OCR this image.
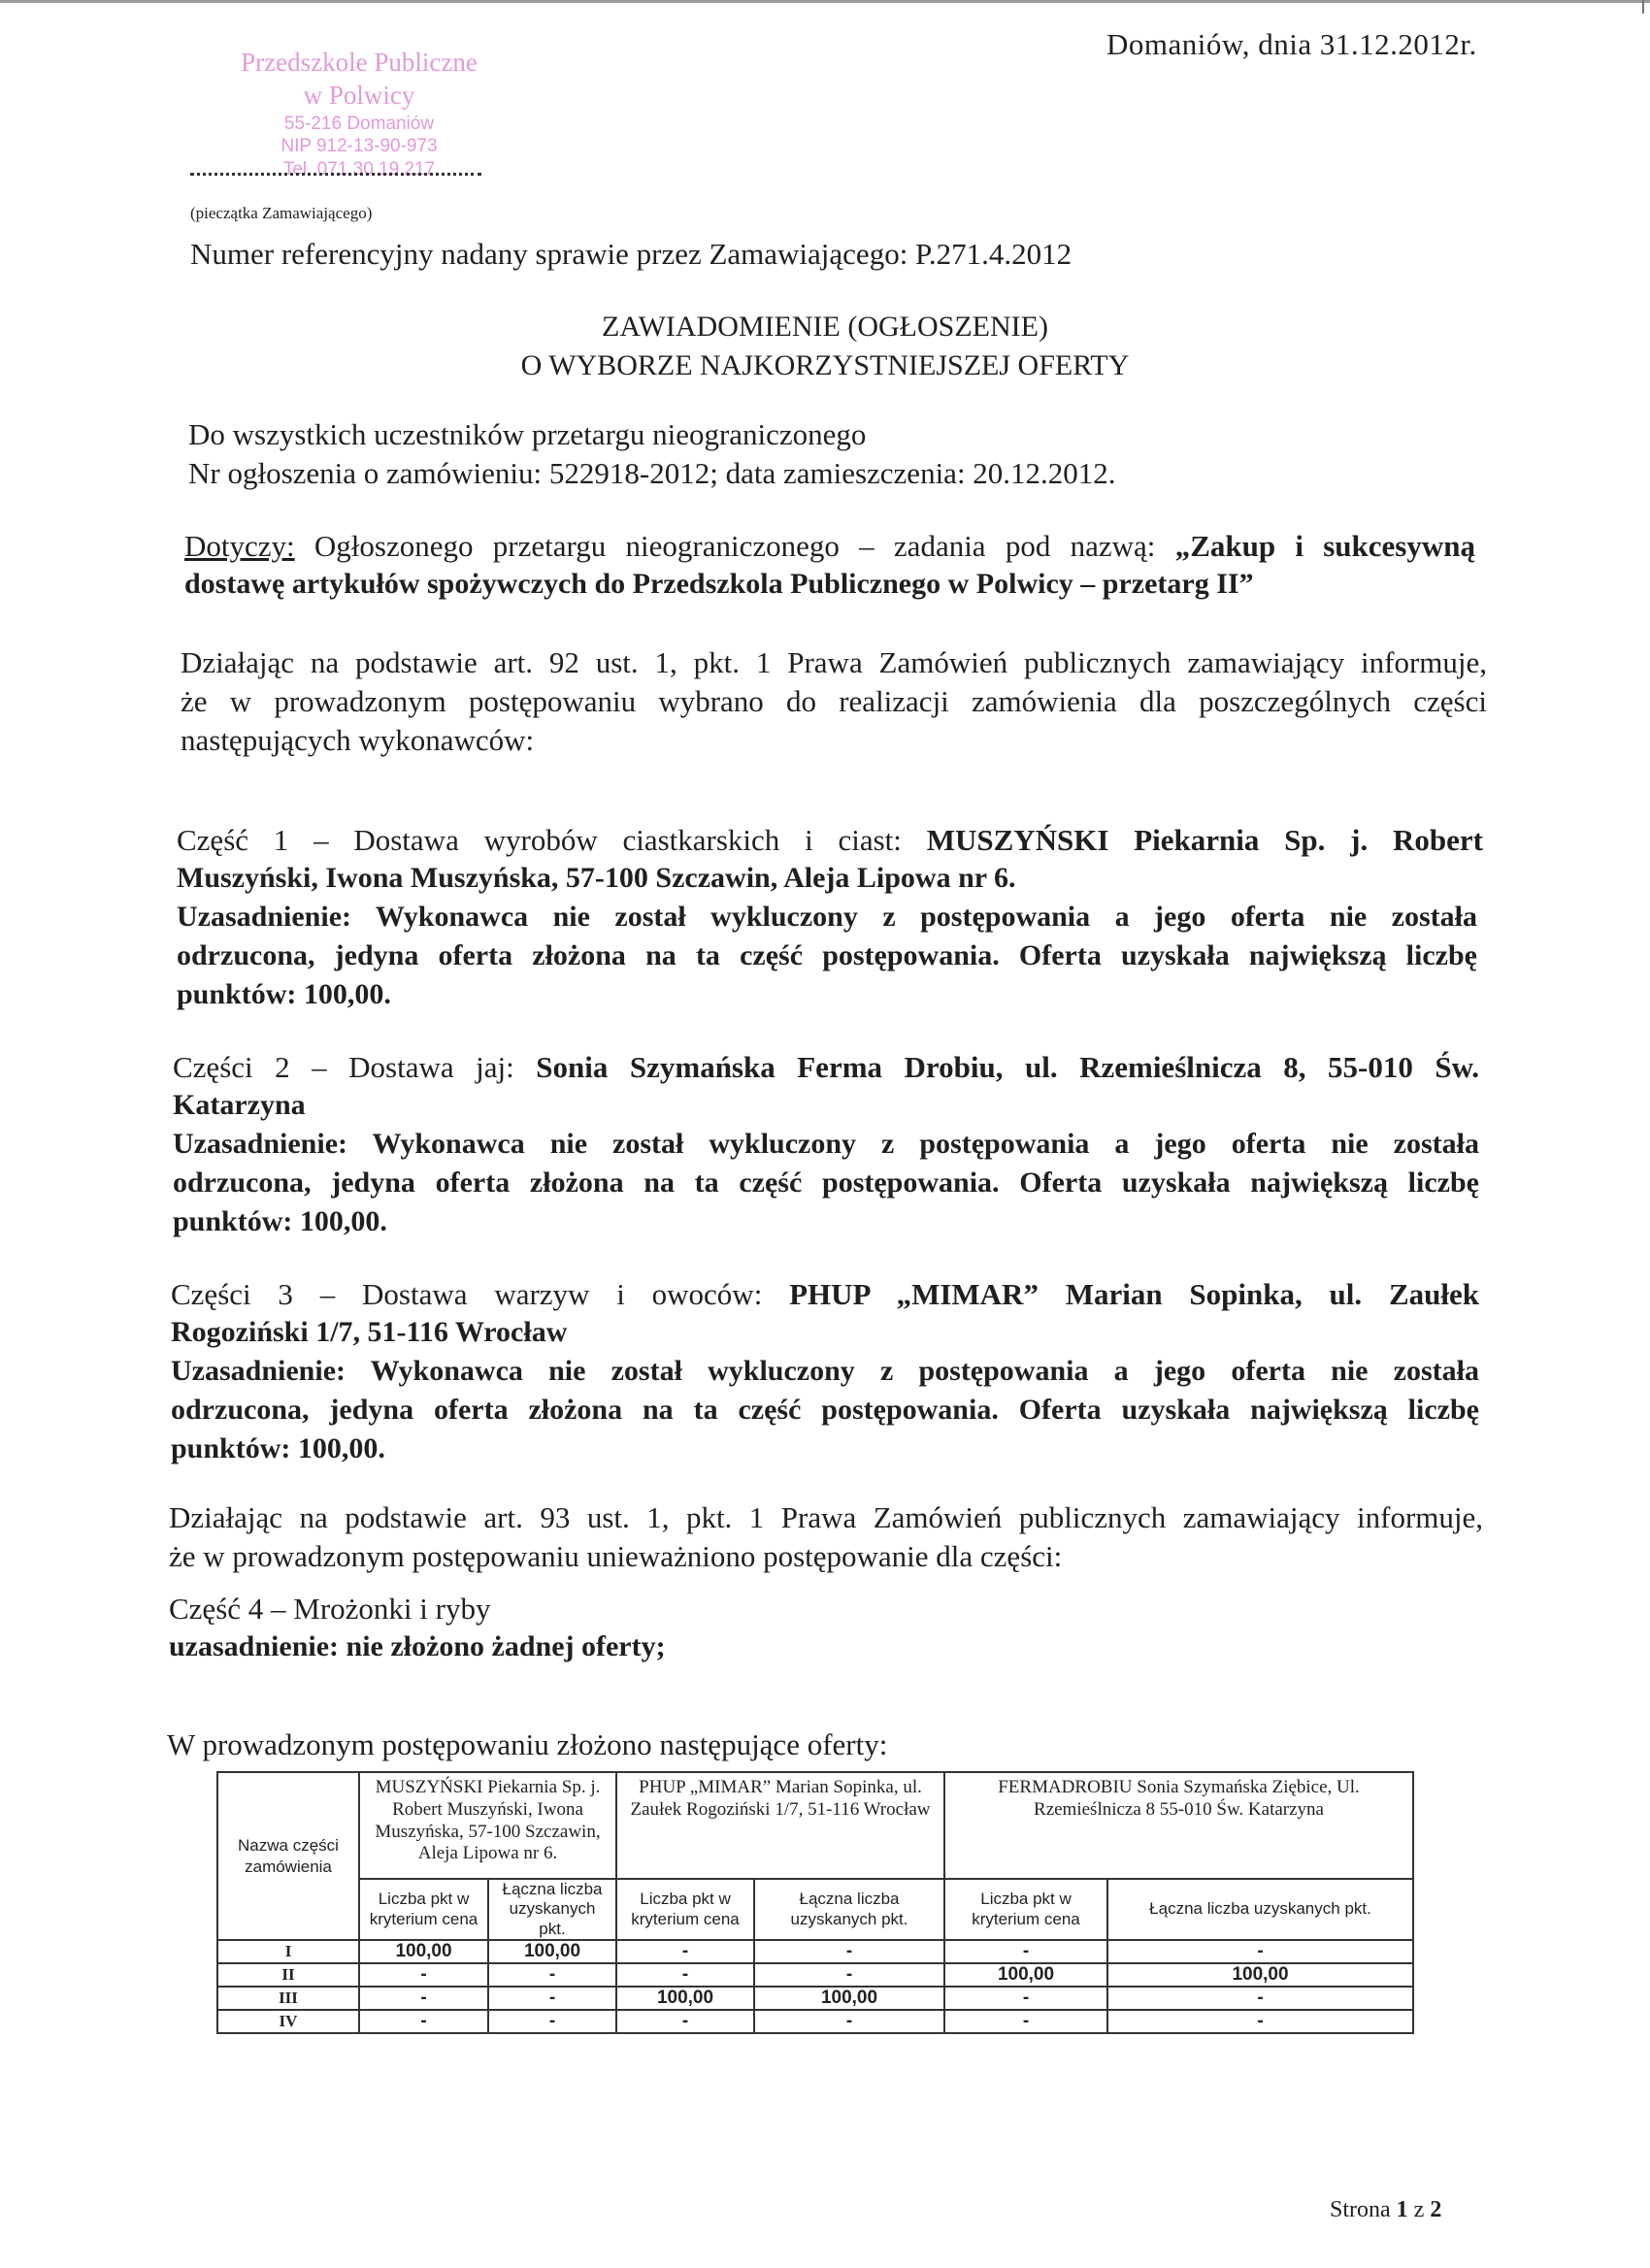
Przedszkole Publiczne
w Polwicy
55-216 Domaniów
NIP 912-13-90-973
Tel. 071 30 19 217
(pieczątka Zamawiającego)
Domaniów, dnia 31.12.2012r.
Numer referencyjny nadany sprawie przez Zamawiającego: P.271.4.2012
ZAWIADOMIENIE (OGŁOSZENIE)
O WYBORZE NAJKORZYSTNIEJSZEJ OFERTY
Do wszystkich uczestników przetargu nieograniczonego
Nr ogłoszenia o zamówieniu: 522918-2012; data zamieszczenia: 20.12.2012.
Dotyczy: Ogłoszonego przetargu nieograniczonego – zadania pod nazwą: „Zakup i sukcesywną
dostawę artykułów spożywczych do Przedszkola Publicznego w Polwicy – przetarg II”
Działając na podstawie art. 92 ust. 1, pkt. 1 Prawa Zamówień publicznych zamawiający informuje,
że w prowadzonym postępowaniu wybrano do realizacji zamówienia dla poszczególnych części
następujących wykonawców:
Część 1 – Dostawa wyrobów ciastkarskich i ciast: MUSZYŃSKI Piekarnia Sp. j. Robert
Muszyński, Iwona Muszyńska, 57-100 Szczawin, Aleja Lipowa nr 6.
Uzasadnienie: Wykonawca nie został wykluczony z postępowania a jego oferta nie została
odrzucona, jedyna oferta złożona na ta część postępowania. Oferta uzyskała największą liczbę
punktów: 100,00.
Części 2 – Dostawa jaj: Sonia Szymańska Ferma Drobiu, ul. Rzemieślnicza 8, 55-010 Św.
Katarzyna
Uzasadnienie: Wykonawca nie został wykluczony z postępowania a jego oferta nie została
odrzucona, jedyna oferta złożona na ta część postępowania. Oferta uzyskała największą liczbę
punktów: 100,00.
Części 3 – Dostawa warzyw i owoców: PHUP „MIMAR” Marian Sopinka, ul. Zaułek
Rogoziński 1/7, 51-116 Wrocław
Uzasadnienie: Wykonawca nie został wykluczony z postępowania a jego oferta nie została
odrzucona, jedyna oferta złożona na ta część postępowania. Oferta uzyskała największą liczbę
punktów: 100,00.
Działając na podstawie art. 93 ust. 1, pkt. 1 Prawa Zamówień publicznych zamawiający informuje,
że w prowadzonym postępowaniu unieważniono postępowanie dla części:
Część 4 – Mrożonki i ryby
uzasadnienie: nie złożono żadnej oferty;
W prowadzonym postępowaniu złożono następujące oferty:
Nazwa części zamówienia	MUSZYŃSKI Piekarnia Sp. j. Robert Muszyński, Iwona Muszyńska, 57-100 Szczawin, Aleja Lipowa nr 6.		PHUP „MIMAR” Marian Sopinka, ul. Zaułek Rogoziński 1/7, 51-116 Wrocław		FERMADROBIU Sonia Szymańska Ziębice, Ul. Rzemieślnicza 8 55-010 Św. Katarzyna	
	Liczba pkt w kryterium cena	Łączna liczba uzyskanych pkt.	Liczba pkt w kryterium cena	Łączna liczba uzyskanych pkt.	Liczba pkt w kryterium cena	Łączna liczba uzyskanych pkt.
I	100,00	100,00	-	-	-	-
II	-	-	-	-	100,00	100,00
III	-	-	100,00	100,00	-	-
IV	-	-	-	-	-	-
Strona 1 z 2
